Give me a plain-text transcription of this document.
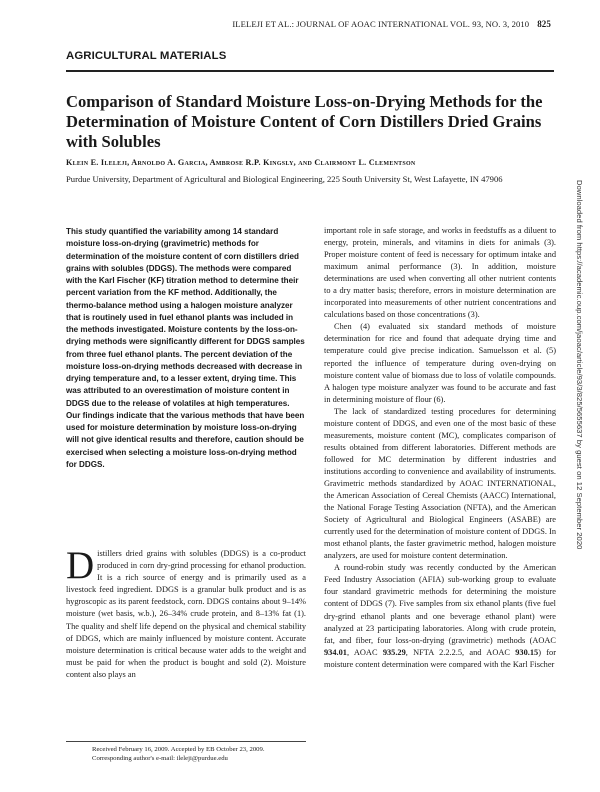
ILELEJI ET AL.: JOURNAL OF AOAC INTERNATIONAL VOL. 93, NO. 3, 2010 825
AGRICULTURAL MATERIALS
Comparison of Standard Moisture Loss-on-Drying Methods for the Determination of Moisture Content of Corn Distillers Dried Grains with Solubles
Klein E. Ileleji, Arnoldo A. Garcia, Ambrose R.P. Kingsly, and Clairmont L. Clementson
Purdue University, Department of Agricultural and Biological Engineering, 225 South University St, West Lafayette, IN 47906
This study quantified the variability among 14 standard moisture loss-on-drying (gravimetric) methods for determination of the moisture content of corn distillers dried grains with solubles (DDGS). The methods were compared with the Karl Fischer (KF) titration method to determine their percent variation from the KF method. Additionally, the thermo-balance method using a halogen moisture analyzer that is routinely used in fuel ethanol plants was included in the methods investigated. Moisture contents by the loss-on-drying methods were significantly different for DDGS samples from three fuel ethanol plants. The percent deviation of the moisture loss-on-drying methods decreased with decrease in drying temperature and, to a lesser extent, drying time. This was attributed to an overestimation of moisture content in DDGS due to the release of volatiles at high temperatures. Our findings indicate that the various methods that have been used for moisture determination by moisture loss-on-drying will not give identical results and therefore, caution should be exercised when selecting a moisture loss-on-drying method for DDGS.
Distillers dried grains with solubles (DDGS) is a co-product produced in corn dry-grind processing for ethanol production. It is a rich source of energy and is primarily used as a livestock feed ingredient. DDGS is a granular bulk product and is as hygroscopic as its parent feedstock, corn. DDGS contains about 9–14% moisture (wet basis, w.b.), 26–34% crude protein, and 8–13% fat (1). The quality and shelf life depend on the physical and chemical stability of DDGS, which are mainly influenced by moisture content. Accurate moisture determination is critical because water adds to the weight and must be paid for when the product is bought and sold (2). Moisture content also plays an
Received February 16, 2009. Accepted by EB October 23, 2009.
Corresponding author's e-mail: ileleji@purdue.edu

important role in safe storage, and works in feedstuffs as a diluent to energy, protein, minerals, and vitamins in diets for animals (3). Proper moisture content of feed is necessary for optimum intake and maximum animal performance (3). In addition, moisture determinations are used when converting all other nutrient contents to a dry matter basis; therefore, errors in moisture determination are incorporated into measurements of other nutrient concentrations and calculations based on those concentrations (3).

Chen (4) evaluated six standard methods of moisture determination for rice and found that adequate drying time and temperature could give precise indication. Samuelsson et al. (5) reported the influence of temperature during oven-drying on moisture content value of biomass due to loss of volatile compounds. A halogen type moisture analyzer was found to be accurate and fast in determining moisture of flour (6).

The lack of standardized testing procedures for determining moisture content of DDGS, and even one of the most basic of these measurements, moisture content (MC), complicates comparison of results obtained from different laboratories. Different methods are followed for MC determination by different industries and institutions according to convenience and availability of instruments. Gravimetric methods standardized by AOAC INTERNATIONAL, the American Association of Cereal Chemists (AACC) International, the National Forage Testing Association (NFTA), and the American Society of Agricultural and Biological Engineers (ASABE) are currently used for the determination of moisture content of DDGS. In most ethanol plants, the faster gravimetric method, halogen moisture analyzers, are used for moisture content determination.

A round-robin study was recently conducted by the American Feed Industry Association (AFIA) sub-working group to evaluate four standard gravimetric methods for determining the moisture content of DDGS (7). Five samples from six ethanol plants (five fuel dry-grind ethanol plants and one beverage ethanol plant) were analyzed at 23 participating laboratories. Along with crude protein, fat, and fiber, four loss-on-drying (gravimetric) methods (AOAC 934.01, AOAC 935.29, NFTA 2.2.2.5, and AOAC 930.15) for moisture content determination were compared with the Karl Fischer

Downloaded from https://academic.oup.com/jaoac/article/93/3/825/5655637 by guest on 12 September 2020
